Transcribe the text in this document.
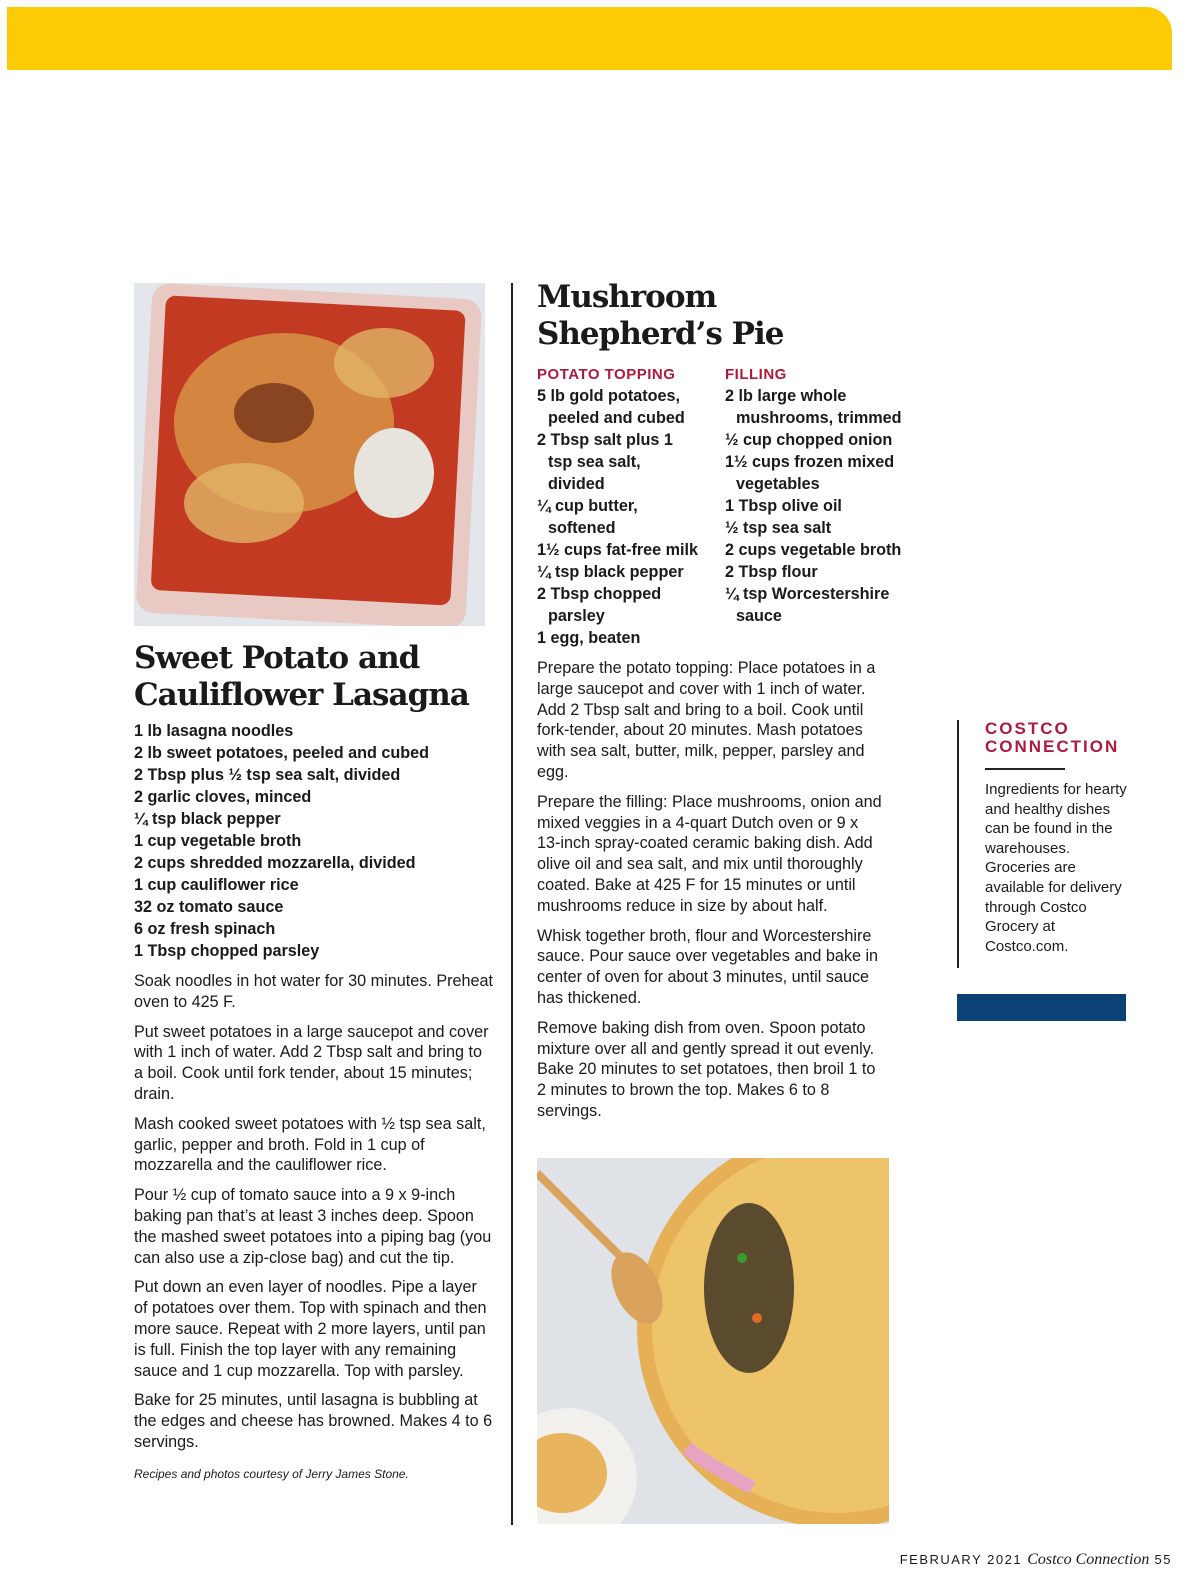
Sweet Potato and
Cauliflower Lasagna
1 lb lasagna noodles
2 lb sweet potatoes, peeled and cubed
2 Tbsp plus ½ tsp sea salt, divided
2 garlic cloves, minced
¼ tsp black pepper
1 cup vegetable broth
2 cups shredded mozzarella, divided
1 cup cauliflower rice
32 oz tomato sauce
6 oz fresh spinach
1 Tbsp chopped parsley

Soak noodles in hot water for 30 minutes. Preheat oven to 425 F.

Put sweet potatoes in a large saucepot and cover with 1 inch of water. Add 2 Tbsp salt and bring to a boil. Cook until fork tender, about 15 minutes; drain.

Mash cooked sweet potatoes with ½ tsp sea salt, garlic, pepper and broth. Fold in 1 cup of mozzarella and the cauliflower rice.

Pour ½ cup of tomato sauce into a 9 x 9-inch baking pan that’s at least 3 inches deep. Spoon the mashed sweet potatoes into a piping bag (you can also use a zip-close bag) and cut the tip.

Put down an even layer of noodles. Pipe a layer of potatoes over them. Top with spinach and then more sauce. Repeat with 2 more layers, until pan is full. Finish the top layer with any remaining sauce and 1 cup mozzarella. Top with parsley.

Bake for 25 minutes, until lasagna is bubbling at the edges and cheese has browned. Makes 4 to 6 servings.

Recipes and photos courtesy of Jerry James Stone.
Mushroom
Shepherd’s Pie
POTATO TOPPING
5 lb gold potatoes, peeled and cubed
2 Tbsp salt plus 1 tsp sea salt, divided
¼ cup butter, softened
1½ cups fat-free milk
¼ tsp black pepper
2 Tbsp chopped parsley
1 egg, beaten
FILLING
2 lb large whole mushrooms, trimmed
½ cup chopped onion
1½ cups frozen mixed vegetables
1 Tbsp olive oil
½ tsp sea salt
2 cups vegetable broth
2 Tbsp flour
¼ tsp Worcestershire sauce

Prepare the potato topping: Place potatoes in a large saucepot and cover with 1 inch of water. Add 2 Tbsp salt and bring to a boil. Cook until fork-tender, about 20 minutes. Mash potatoes with sea salt, butter, milk, pepper, parsley and egg.

Prepare the filling: Place mushrooms, onion and mixed veggies in a 4-quart Dutch oven or 9 x 13-inch spray-coated ceramic baking dish. Add olive oil and sea salt, and mix until thoroughly coated. Bake at 425 F for 15 minutes or until mushrooms reduce in size by about half.

Whisk together broth, flour and Worcestershire sauce. Pour sauce over vegetables and bake in center of oven for about 3 minutes, until sauce has thickened.

Remove baking dish from oven. Spoon potato mixture over all and gently spread it out evenly. Bake 20 minutes to set potatoes, then broil 1 to 2 minutes to brown the top. Makes 6 to 8 servings.

COSTCO
CONNECTION

Ingredients for hearty and healthy dishes can be found in the warehouses. Groceries are available for delivery through Costco Grocery at Costco.com.

FEBRUARY 2021 Costco Connection 55
